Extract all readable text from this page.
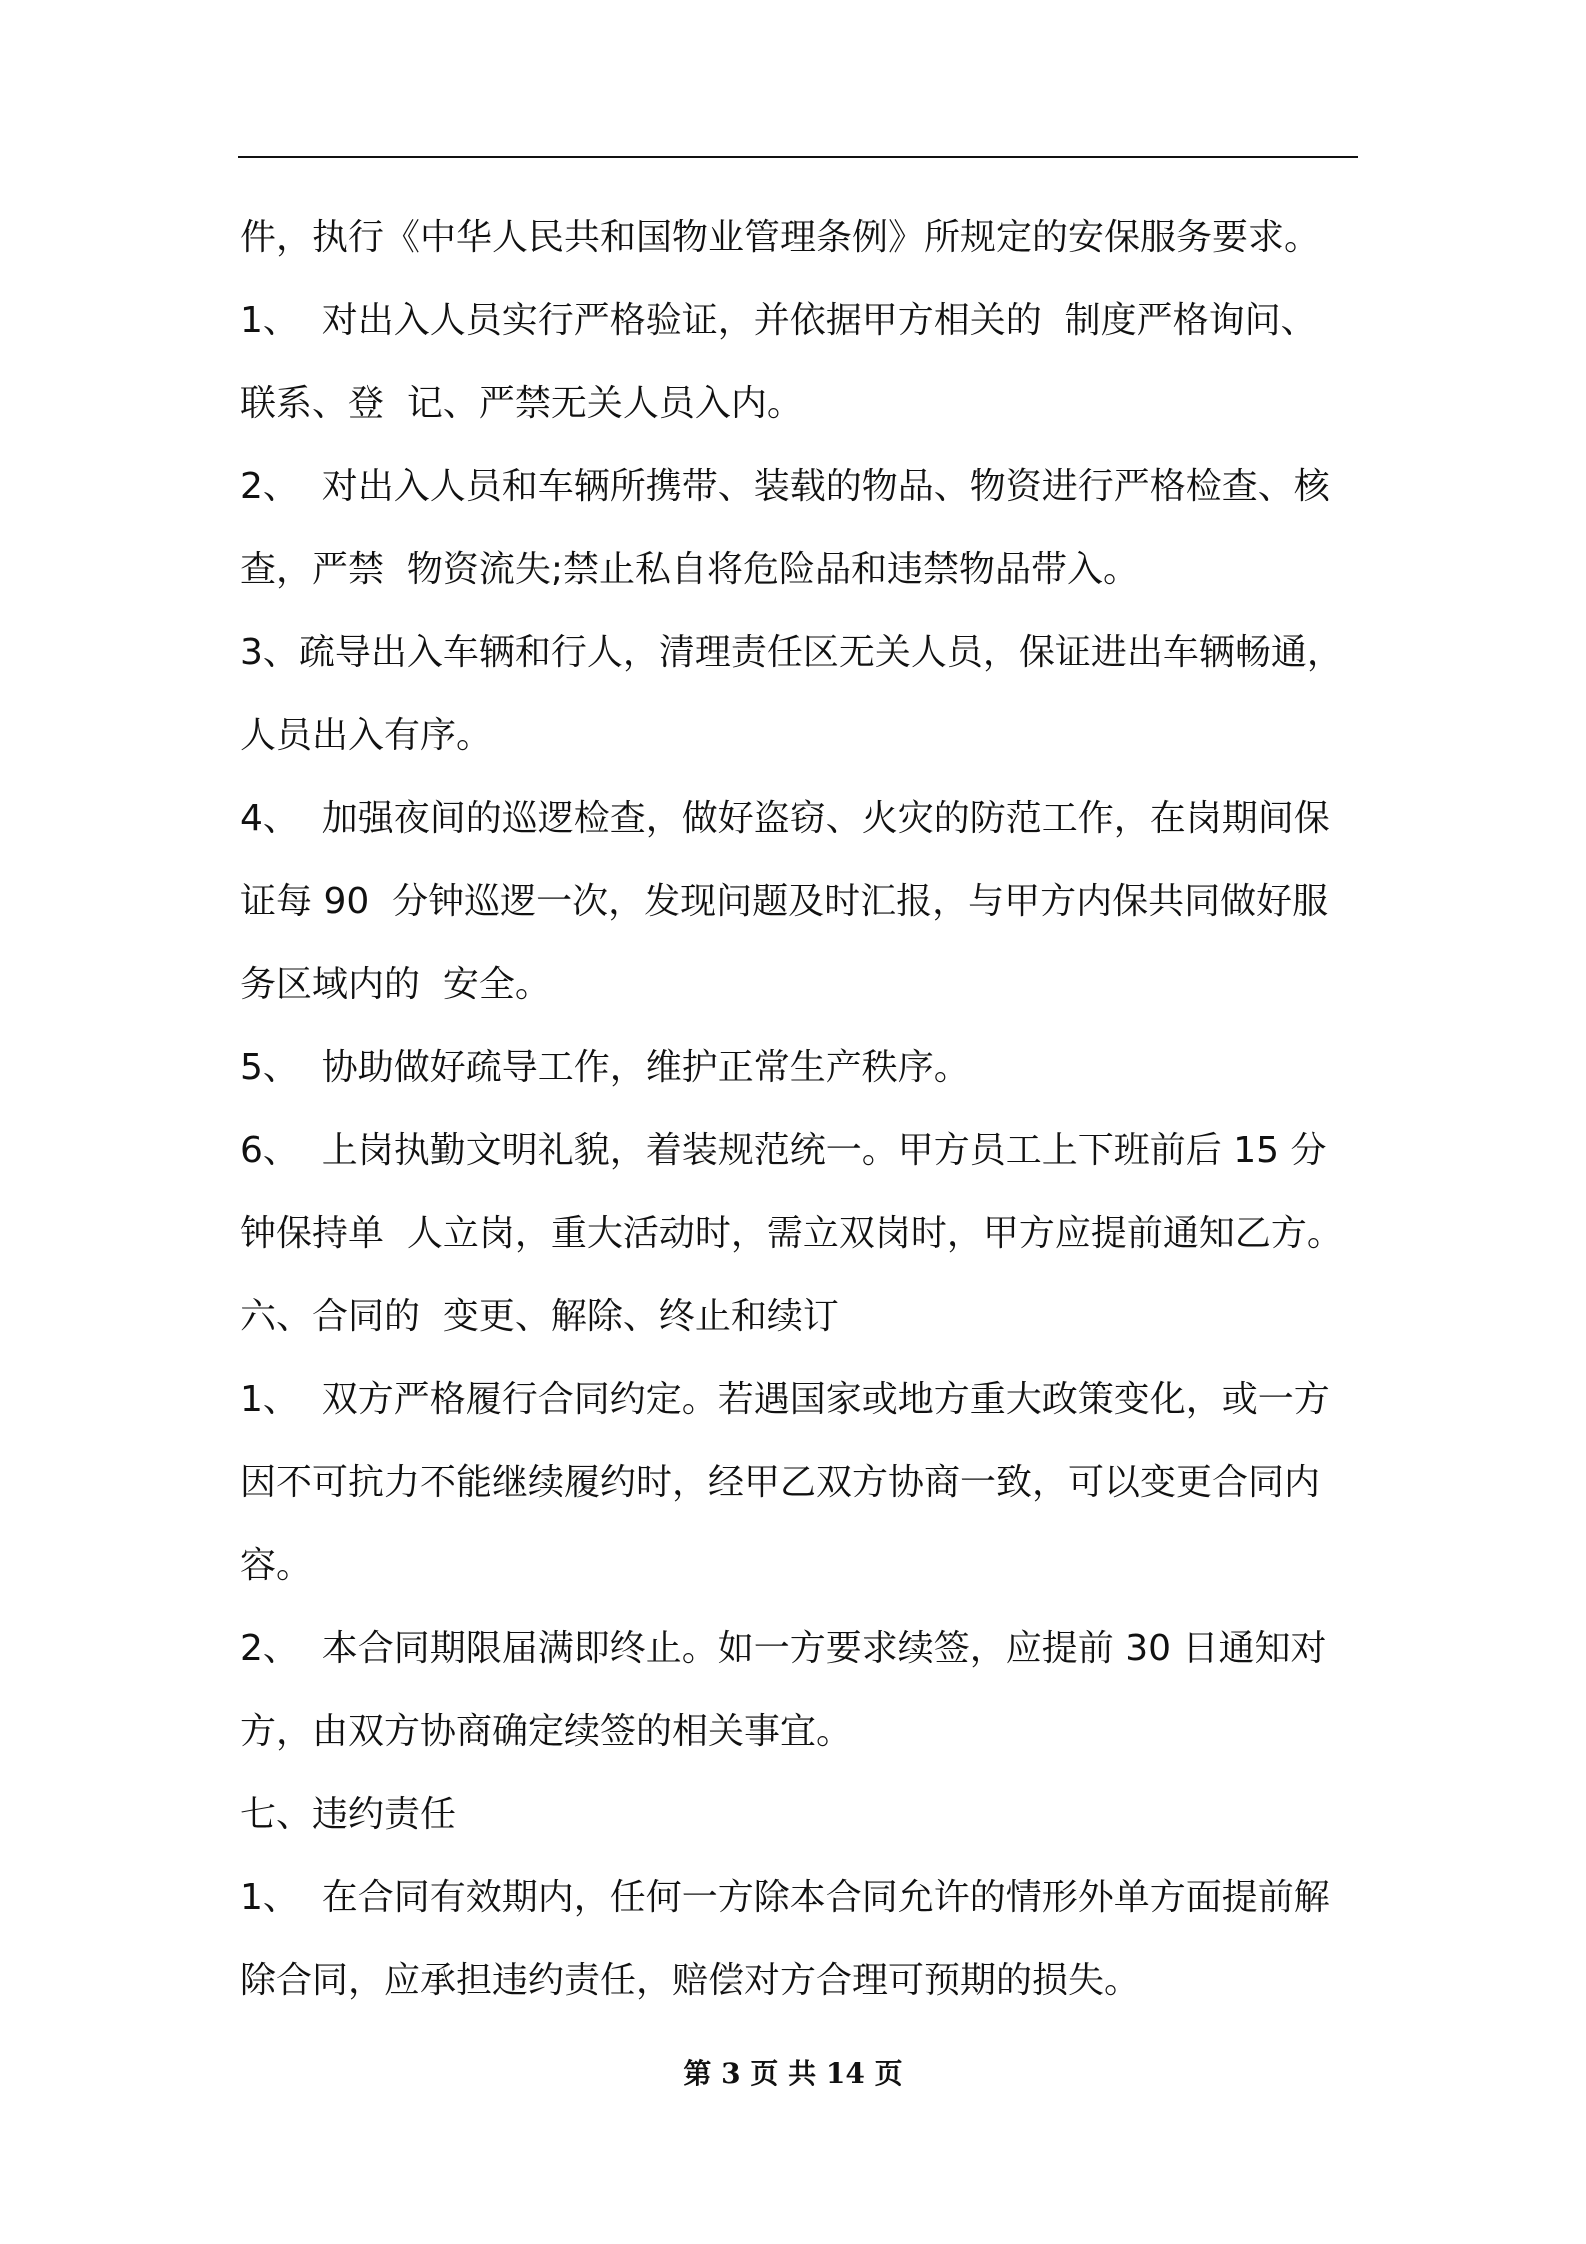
件，执行《中华人民共和国物业管理条例》所规定的安保服务要求。
1、  对出入人员实行严格验证，并依据甲方相关的  制度严格询问、
联系、登  记、严禁无关人员入内。
2、  对出入人员和车辆所携带、装载的物品、物资进行严格检查、核
查，严禁  物资流失;禁止私自将危险品和违禁物品带入。
3、疏导出入车辆和行人，清理责任区无关人员，保证进出车辆畅通，
人员出入有序。
4、  加强夜间的巡逻检查，做好盗窃、火灾的防范工作，在岗期间保
证每 90  分钟巡逻一次，发现问题及时汇报，与甲方内保共同做好服
务区域内的  安全。
5、  协助做好疏导工作，维护正常生产秩序。
6、  上岗执勤文明礼貌，着装规范统一。甲方员工上下班前后 15 分
钟保持单  人立岗，重大活动时，需立双岗时，甲方应提前通知乙方。
六、合同的  变更、解除、终止和续订
1、  双方严格履行合同约定。若遇国家或地方重大政策变化，或一方
因不可抗力不能继续履约时，经甲乙双方协商一致，可以变更合同内
容。
2、  本合同期限届满即终止。如一方要求续签，应提前 30 日通知对
方，由双方协商确定续签的相关事宜。
七、违约责任
1、  在合同有效期内，任何一方除本合同允许的情形外单方面提前解
除合同，应承担违约责任，赔偿对方合理可预期的损失。
第 3 页 共 14 页
